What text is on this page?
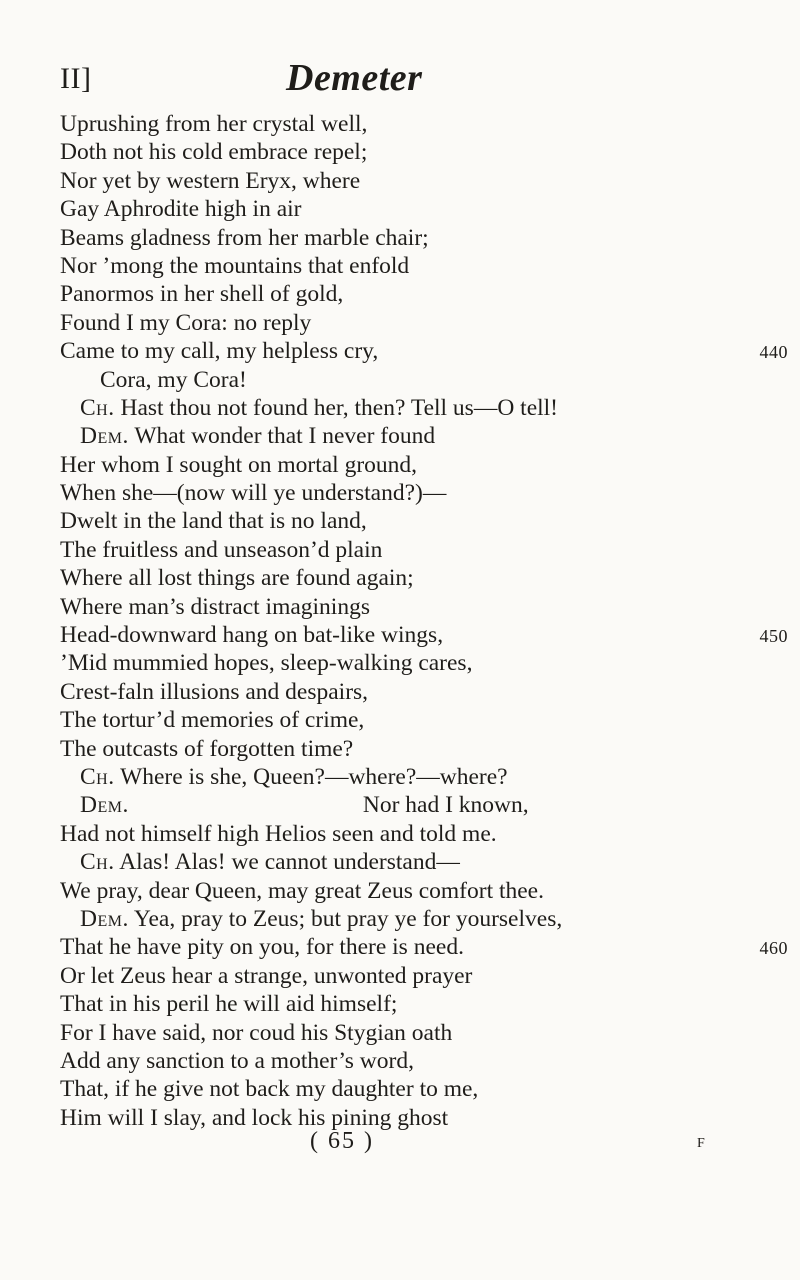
II]	Demeter
Uprushing from her crystal well,
Doth not his cold embrace repel;
Nor yet by western Eryx, where
Gay Aphrodite high in air
Beams gladness from her marble chair;
Nor ’mong the mountains that enfold
Panormos in her shell of gold,
Found I my Cora: no reply
Came to my call, my helpless cry,	440
Cora, my Cora!
Ch. Hast thou not found her, then? Tell us—O tell!
Dem. What wonder that I never found
Her whom I sought on mortal ground,
When she—(now will ye understand?)—
Dwelt in the land that is no land,
The fruitless and unseason’d plain
Where all lost things are found again;
Where man’s distract imaginings
Head-downward hang on bat-like wings,	450
’Mid mummied hopes, sleep-walking cares,
Crest-faln illusions and despairs,
The tortur’d memories of crime,
The outcasts of forgotten time?
Ch. Where is she, Queen?—where?—where?
Dem.	Nor had I known,
Had not himself high Helios seen and told me.
Ch. Alas! Alas! we cannot understand—
We pray, dear Queen, may great Zeus comfort thee.
Dem. Yea, pray to Zeus; but pray ye for yourselves,
That he have pity on you, for there is need.	460
Or let Zeus hear a strange, unwonted prayer
That in his peril he will aid himself;
For I have said, nor coud his Stygian oath
Add any sanction to a mother’s word,
That, if he give not back my daughter to me,
Him will I slay, and lock his pining ghost
( 65 )	F
